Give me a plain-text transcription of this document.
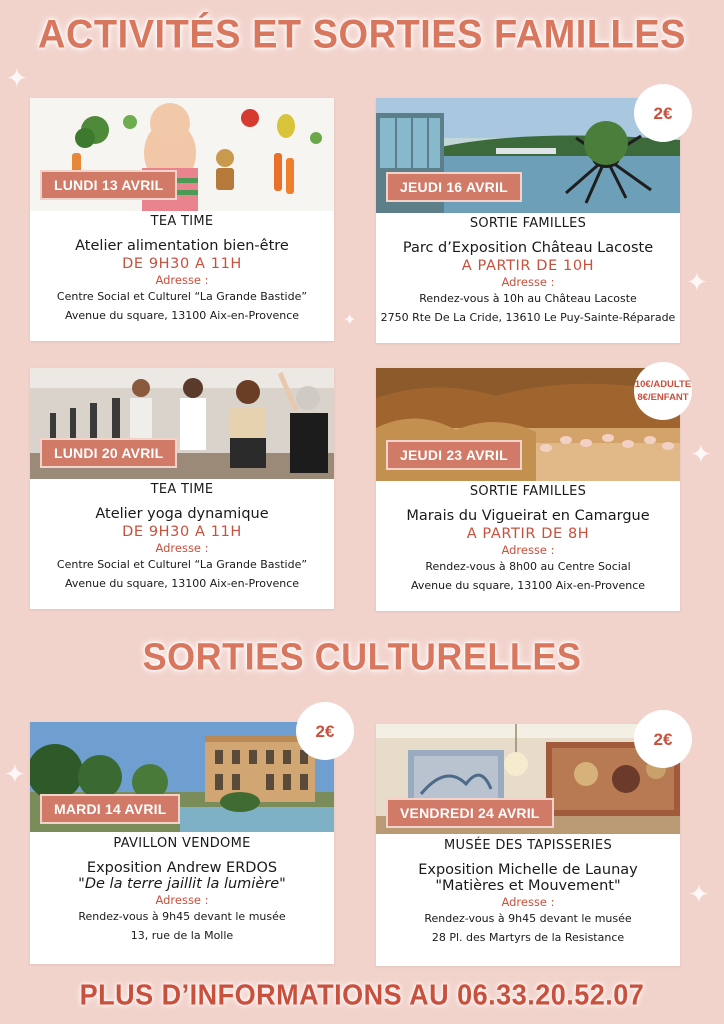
ACTIVITÉS ET SORTIES FAMILLES
SORTIES CULTURELLES
PLUS D’INFORMATIONS AU 06.33.20.52.07
✦
✦
✦
✦
✦
✦
LUNDI 13 AVRIL
TEA TIME
Atelier alimentation bien-être
DE 9H30 A 11H
Adresse :
Centre Social et Culturel “La Grande Bastide”
Avenue du square, 13100 Aix-en-Provence
JEUDI 16 AVRIL
SORTIE FAMILLES
Parc d’Exposition Château Lacoste
A PARTIR DE 10H
Adresse :
Rendez-vous à 10h au Château Lacoste
2750 Rte De La Cride, 13610 Le Puy-Sainte-Réparade
2€
LUNDI 20 AVRIL
TEA TIME
Atelier yoga dynamique
DE 9H30 A 11H
Adresse :
Centre Social et Culturel “La Grande Bastide”
Avenue du square, 13100 Aix-en-Provence
JEUDI 23 AVRIL
SORTIE FAMILLES
Marais du Vigueirat en Camargue
A PARTIR DE 8H
Adresse :
Rendez-vous à 8h00 au Centre Social
Avenue du square, 13100 Aix-en-Provence
10€/ADULTE
8€/ENFANT
MARDI 14 AVRIL
PAVILLON VENDOME
Exposition Andrew ERDOS
"De la terre jaillit la lumière"
Adresse :
Rendez-vous à 9h45 devant le musée
13, rue de la Molle
2€
VENDREDI 24 AVRIL
MUSÉE DES TAPISSERIES
Exposition Michelle de Launay
"Matières et Mouvement"
Adresse :
Rendez-vous à 9h45 devant le musée
28 Pl. des Martyrs de la Resistance
2€
